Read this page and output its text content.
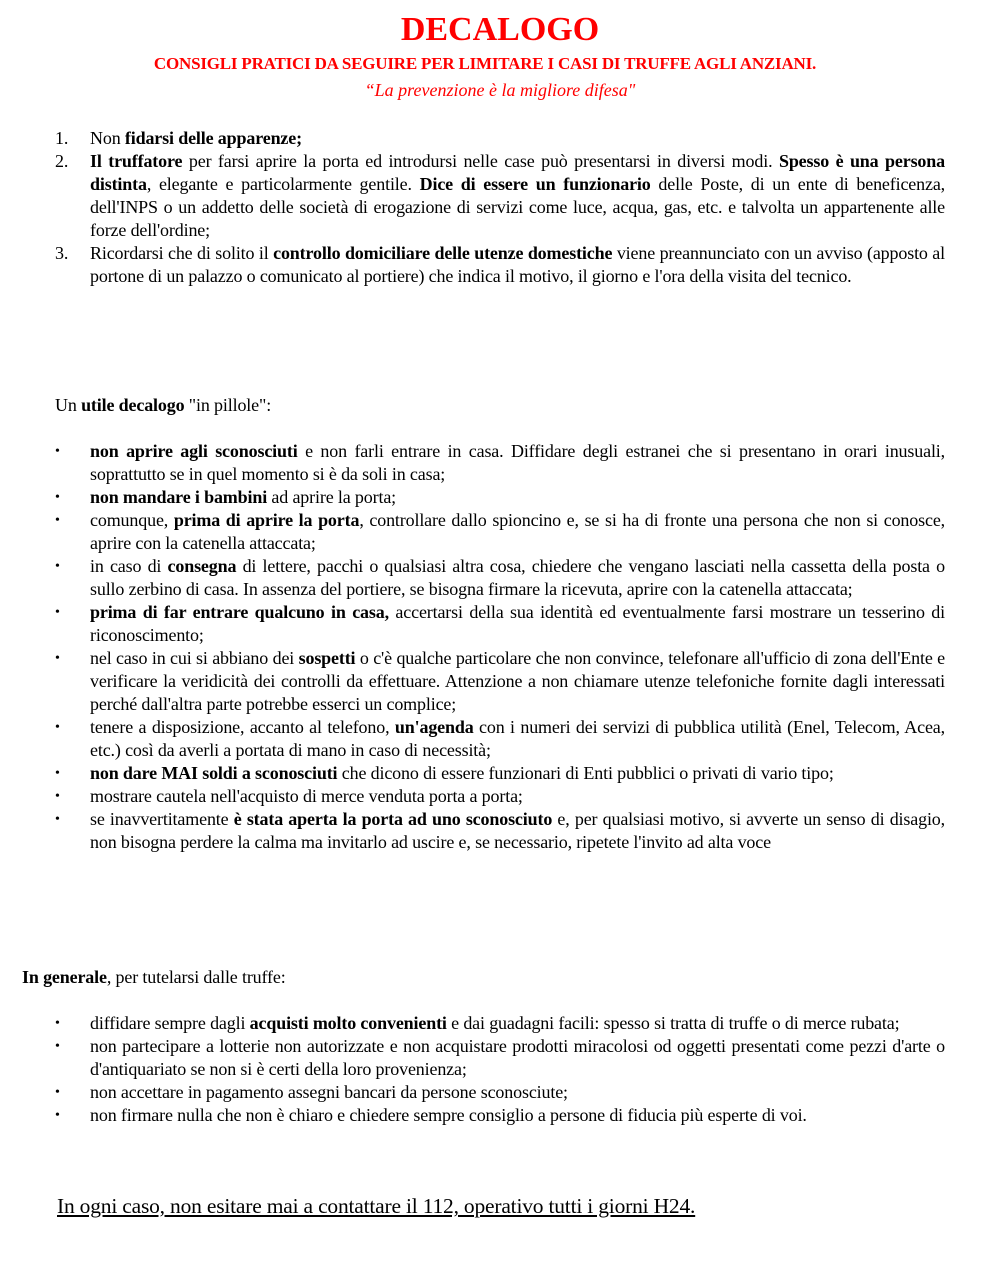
DECALOGO
CONSIGLI PRATICI DA SEGUIRE PER LIMITARE I CASI DI TRUFFE AGLI ANZIANI.
“La prevenzione è la migliore difesa"
1. Non fidarsi delle apparenze;
2. Il truffatore per farsi aprire la porta ed introdursi nelle case può presentarsi in diversi modi. Spesso è una persona distinta, elegante e particolarmente gentile. Dice di essere un funzionario delle Poste, di un ente di beneficenza, dell'INPS o un addetto delle società di erogazione di servizi come luce, acqua, gas, etc. e talvolta un appartenente alle forze dell'ordine;
3. Ricordarsi che di solito il controllo domiciliare delle utenze domestiche viene preannunciato con un avviso (apposto al portone di un palazzo o comunicato al portiere) che indica il motivo, il giorno e l'ora della visita del tecnico.
Un utile decalogo "in pillole":
• non aprire agli sconosciuti e non farli entrare in casa. Diffidare degli estranei che si presentano in orari inusuali, soprattutto se in quel momento si è da soli in casa;
• non mandare i bambini ad aprire la porta;
• comunque, prima di aprire la porta, controllare dallo spioncino e, se si ha di fronte una persona che non si conosce, aprire con la catenella attaccata;
• in caso di consegna di lettere, pacchi o qualsiasi altra cosa, chiedere che vengano lasciati nella cassetta della posta o sullo zerbino di casa. In assenza del portiere, se bisogna firmare la ricevuta, aprire con la catenella attaccata;
• prima di far entrare qualcuno in casa, accertarsi della sua identità ed eventualmente farsi mostrare un tesserino di riconoscimento;
• nel caso in cui si abbiano dei sospetti o c'è qualche particolare che non convince, telefonare all'ufficio di zona dell'Ente e verificare la veridicità dei controlli da effettuare. Attenzione a non chiamare utenze telefoniche fornite dagli interessati perché dall'altra parte potrebbe esserci un complice;
• tenere a disposizione, accanto al telefono, un'agenda con i numeri dei servizi di pubblica utilità (Enel, Telecom, Acea, etc.) così da averli a portata di mano in caso di necessità;
• non dare MAI soldi a sconosciuti che dicono di essere funzionari di Enti pubblici o privati di vario tipo;
• mostrare cautela nell'acquisto di merce venduta porta a porta;
• se inavvertitamente è stata aperta la porta ad uno sconosciuto e, per qualsiasi motivo, si avverte un senso di disagio, non bisogna perdere la calma ma invitarlo ad uscire e, se necessario, ripetete l'invito ad alta voce
In generale, per tutelarsi dalle truffe:
• diffidare sempre dagli acquisti molto convenienti e dai guadagni facili: spesso si tratta di truffe o di merce rubata;
• non partecipare a lotterie non autorizzate e non acquistare prodotti miracolosi od oggetti presentati come pezzi d'arte o d'antiquariato se non si è certi della loro provenienza;
• non accettare in pagamento assegni bancari da persone sconosciute;
• non firmare nulla che non è chiaro e chiedere sempre consiglio a persone di fiducia più esperte di voi.
In ogni caso, non esitare mai a contattare il 112, operativo tutti i giorni H24.
